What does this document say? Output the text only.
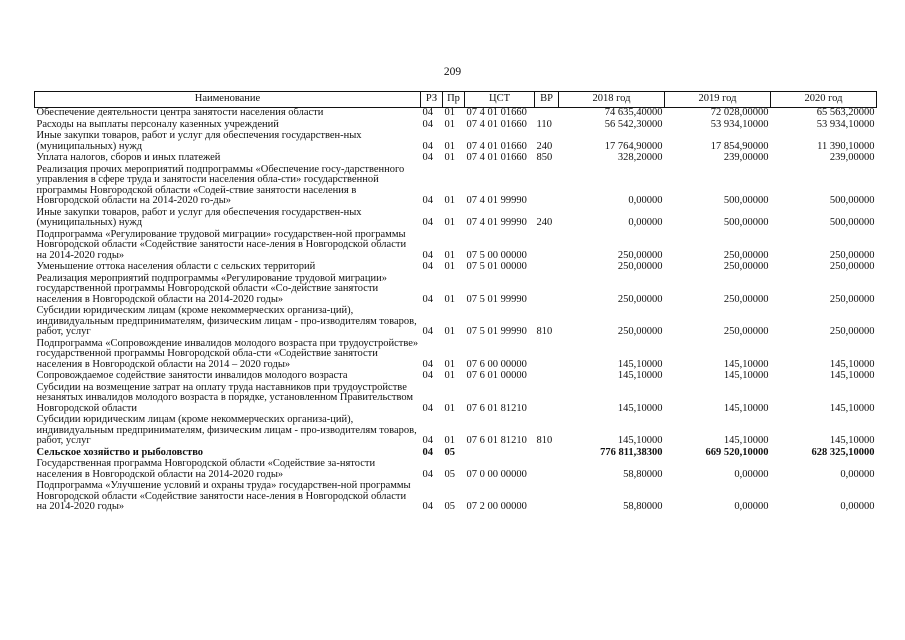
209
Наименование	РЗ	Пр	ЦСТ	ВР	2018 год	2019 год	2020 год
Обеспечение деятельности центра занятости населения области	04	01	07 4 01 01660		74 635,40000	72 028,00000	65 563,20000
Расходы на выплаты персоналу казенных учреждений	04	01	07 4 01 01660	110	56 542,30000	53 934,10000	53 934,10000
Иные закупки товаров, работ и услуг для обеспечения государствен-ных (муниципальных) нужд	04	01	07 4 01 01660	240	17 764,90000	17 854,90000	11 390,10000
Уплата налогов, сборов и иных платежей	04	01	07 4 01 01660	850	328,20000	239,00000	239,00000
Реализация прочих мероприятий подпрограммы «Обеспечение госу-дарственного управления в сфере труда и занятости населения обла-сти» государственной программы Новгородской области «Содей-ствие занятости населения в Новгородской области на 2014-2020 го-ды»	04	01	07 4 01 99990		0,00000	500,00000	500,00000
Иные закупки товаров, работ и услуг для обеспечения государствен-ных (муниципальных) нужд	04	01	07 4 01 99990	240	0,00000	500,00000	500,00000
Подпрограмма «Регулирование трудовой миграции» государствен-ной программы Новгородской области «Содействие занятости насе-ления в Новгородской области на 2014-2020 годы»	04	01	07 5 00 00000		250,00000	250,00000	250,00000
Уменьшение оттока населения области с сельских территорий	04	01	07 5 01 00000		250,00000	250,00000	250,00000
Реализация мероприятий подпрограммы «Регулирование трудовой миграции» государственной программы Новгородской области «Со-действие занятости населения в Новгородской области на 2014-2020 годы»	04	01	07 5 01 99990		250,00000	250,00000	250,00000
Субсидии юридическим лицам (кроме некоммерческих организа-ций), индивидуальным предпринимателям, физическим лицам - про-изводителям товаров, работ, услуг	04	01	07 5 01 99990	810	250,00000	250,00000	250,00000
Подпрограмма «Сопровождение инвалидов молодого возраста при трудоустройстве» государственной программы Новгородской обла-сти «Содействие занятости населения в Новгородской области на 2014 – 2020 годы»	04	01	07 6 00 00000		145,10000	145,10000	145,10000
Сопровождаемое содействие занятости инвалидов молодого возраста	04	01	07 6 01 00000		145,10000	145,10000	145,10000
Субсидии на возмещение затрат на оплату труда наставников при трудоустройстве незанятых инвалидов молодого возраста в порядке, установленном Правительством Новгородской области	04	01	07 6 01 81210		145,10000	145,10000	145,10000
Субсидии юридическим лицам (кроме некоммерческих организа-ций), индивидуальным предпринимателям, физическим лицам - про-изводителям товаров, работ, услуг	04	01	07 6 01 81210	810	145,10000	145,10000	145,10000
Сельское хозяйство и рыболовство	04	05			776 811,38300	669 520,10000	628 325,10000
Государственная программа Новгородской области «Содействие за-нятости населения в Новгородской области на 2014-2020 годы»	04	05	07 0 00 00000		58,80000	0,00000	0,00000
Подпрограмма «Улучшение условий и охраны труда» государствен-ной программы Новгородской области «Содействие занятости насе-ления в Новгородской области на 2014-2020 годы»	04	05	07 2 00 00000		58,80000	0,00000	0,00000
